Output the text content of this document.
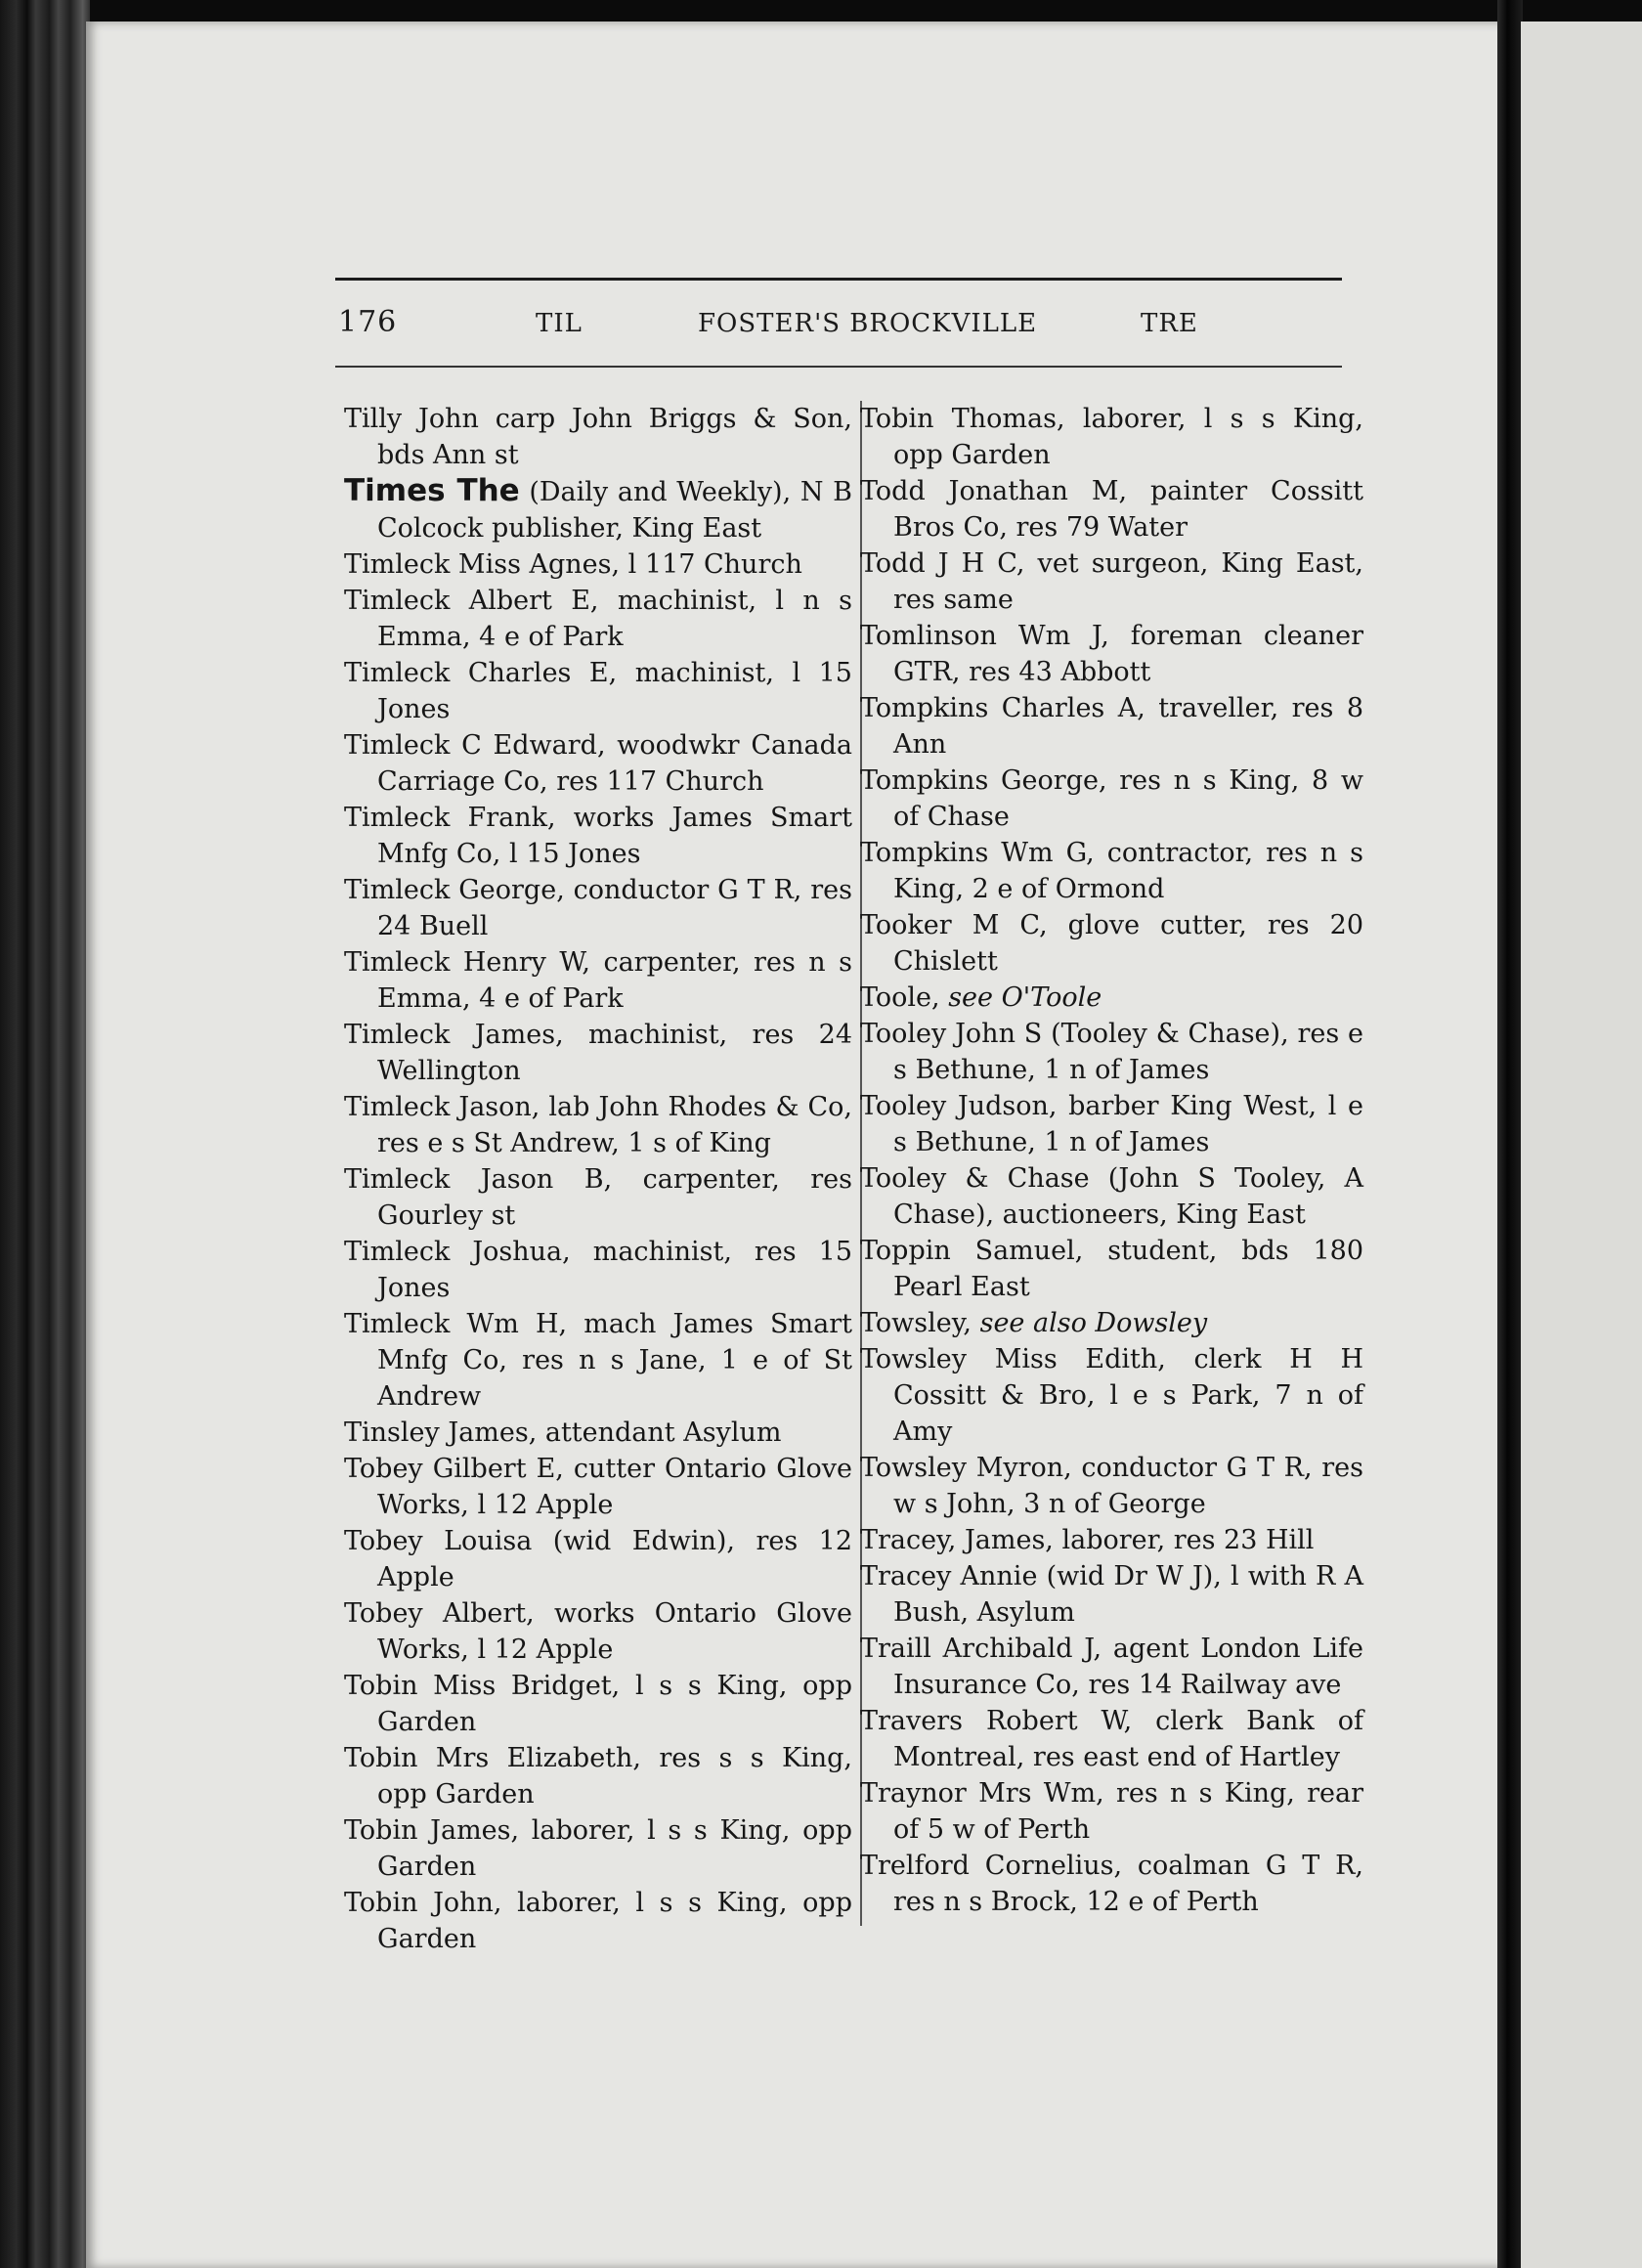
176	TIL	FOSTER'S BROCKVILLE	TRE

Tilly John carp John Briggs & Son, bds Ann st

Times The (Daily and Weekly), N B Colcock publisher, King East

Timleck Miss Agnes, l 117 Church

Timleck Albert E, machinist, l n s Emma, 4 e of Park

Timleck Charles E, machinist, l 15 Jones

Timleck C Edward, woodwkr Canada Carriage Co, res 117 Church

Timleck Frank, works James Smart Mnfg Co, l 15 Jones

Timleck George, conductor G T R, res 24 Buell

Timleck Henry W, carpenter, res n s Emma, 4 e of Park

Timleck James, machinist, res 24 Wellington

Timleck Jason, lab John Rhodes & Co, res e s St Andrew, 1 s of King

Timleck Jason B, carpenter, res Gourley st

Timleck Joshua, machinist, res 15 Jones

Timleck Wm H, mach James Smart Mnfg Co, res n s Jane, 1 e of St Andrew

Tinsley James, attendant Asylum

Tobey Gilbert E, cutter Ontario Glove Works, l 12 Apple

Tobey Louisa (wid Edwin), res 12 Apple

Tobey Albert, works Ontario Glove Works, l 12 Apple

Tobin Miss Bridget, l s s King, opp Garden

Tobin Mrs Elizabeth, res s s King, opp Garden

Tobin James, laborer, l s s King, opp Garden

Tobin John, laborer, l s s King, opp Garden

Tobin Thomas, laborer, l s s King, opp Garden

Todd Jonathan M, painter Cossitt Bros Co, res 79 Water

Todd J H C, vet surgeon, King East, res same

Tomlinson Wm J, foreman cleaner GTR, res 43 Abbott

Tompkins Charles A, traveller, res 8 Ann

Tompkins George, res n s King, 8 w of Chase

Tompkins Wm G, contractor, res n s King, 2 e of Ormond

Tooker M C, glove cutter, res 20 Chislett

Toole, see O'Toole

Tooley John S (Tooley & Chase), res e s Bethune, 1 n of James

Tooley Judson, barber King West, l e s Bethune, 1 n of James

Tooley & Chase (John S Tooley, A Chase), auctioneers, King East

Toppin Samuel, student, bds 180 Pearl East

Towsley, see also Dowsley

Towsley Miss Edith, clerk H H Cossitt & Bro, l e s Park, 7 n of Amy

Towsley Myron, conductor G T R, res w s John, 3 n of George

Tracey, James, laborer, res 23 Hill

Tracey Annie (wid Dr W J), l with R A Bush, Asylum

Traill Archibald J, agent London Life Insurance Co, res 14 Railway ave

Travers Robert W, clerk Bank of Montreal, res east end of Hartley

Traynor Mrs Wm, res n s King, rear of 5 w of Perth

Trelford Cornelius, coalman G T R, res n s Brock, 12 e of Perth
